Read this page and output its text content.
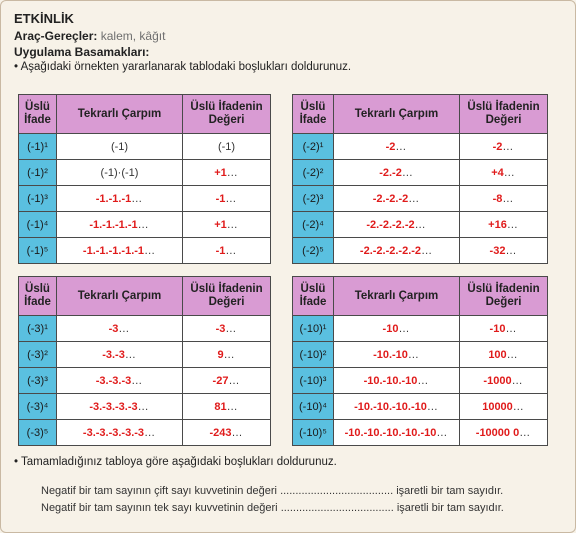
ETKİNLİK
Araç-Gereçler: kalem, kâğıt
Uygulama Basamakları:
• Aşağıdaki örnekten yararlanarak tablodaki boşlukları doldurunuz.
Üslü İfade	Tekrarlı Çarpım	Üslü İfadenin Değeri
(-1)¹	(-1)	(-1)
(-1)²	(-1)·(-1)	+1…
(-1)³	-1.-1.-1…	-1…
(-1)⁴	-1.-1.-1.-1…	+1…
(-1)⁵	-1.-1.-1.-1.-1…	-1…
Üslü İfade	Tekrarlı Çarpım	Üslü İfadenin Değeri
(-2)¹	-2…	-2…
(-2)²	-2.-2…	+4…
(-2)³	-2.-2.-2…	-8…
(-2)⁴	-2.-2.-2.-2…	+16…
(-2)⁵	-2.-2.-2.-2.-2…	-32…
Üslü İfade	Tekrarlı Çarpım	Üslü İfadenin Değeri
(-3)¹	-3…	-3…
(-3)²	-3.-3…	9…
(-3)³	-3.-3.-3…	-27…
(-3)⁴	-3.-3.-3.-3…	81…
(-3)⁵	-3.-3.-3.-3.-3…	-243…
Üslü İfade	Tekrarlı Çarpım	Üslü İfadenin Değeri
(-10)¹	-10…	-10…
(-10)²	-10.-10…	100…
(-10)³	-10.-10.-10…	-1000…
(-10)⁴	-10.-10.-10.-10…	10000…
(-10)⁵	-10.-10.-10.-10.-10…	-10000 0…
• Tamamladığınız tabloya göre aşağıdaki boşlukları doldurunuz.
Negatif bir tam sayının çift sayı kuvvetinin değeri ..................................... işaretli bir tam sayıdır.
Negatif bir tam sayının tek sayı kuvvetinin değeri ..................................... işaretli bir tam sayıdır.
